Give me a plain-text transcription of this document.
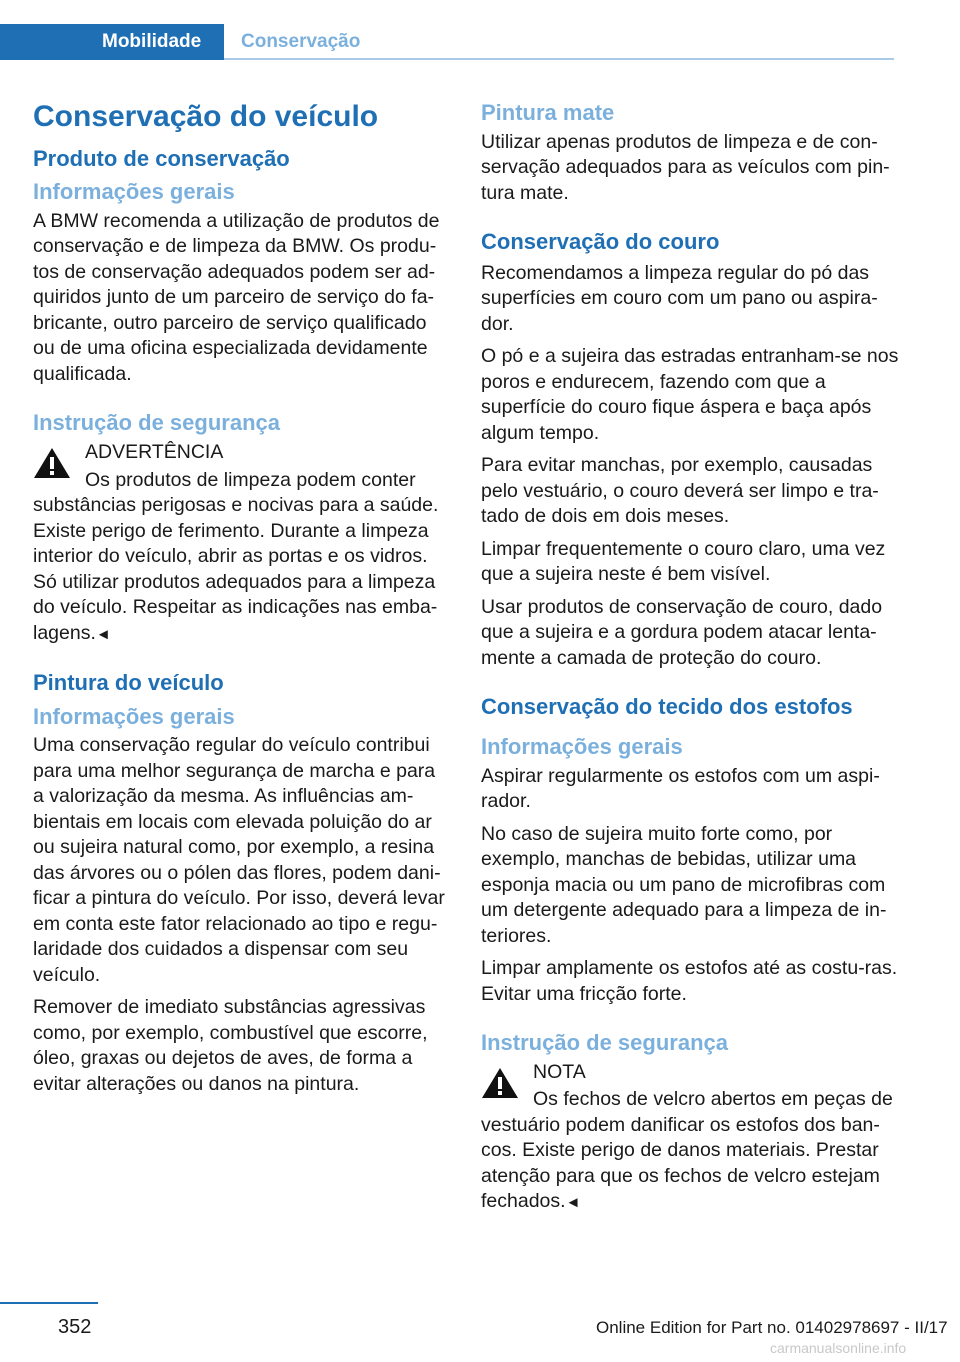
Mobilidade	Conservação
Conservação do veículo
Produto de conservação
Informações gerais

A BMW recomenda a utilização de produtos de conservação e de limpeza da BMW. Os produ‐tos de conservação adequados podem ser ad‐quiridos junto de um parceiro de serviço do fa‐bricante, outro parceiro de serviço qualificado ou de uma oficina especializada devidamente qualificada.

Instrução de segurança
ADVERTÊNCIA

Os produtos de limpeza podem conter substâncias perigosas e nocivas para a saúde. Existe perigo de ferimento. Durante a limpeza interior do veículo, abrir as portas e os vidros. Só utilizar produtos adequados para a limpeza do veículo. Respeitar as indicações nas emba‐lagens.◄

Pintura do veículo
Informações gerais

Uma conservação regular do veículo contribui para uma melhor segurança de marcha e para a valorização da mesma. As influências am‐bientais em locais com elevada poluição do ar ou sujeira natural como, por exemplo, a resina das árvores ou o pólen das flores, podem dani‐ficar a pintura do veículo. Por isso, deverá levar em conta este fator relacionado ao tipo e regu‐laridade dos cuidados a dispensar com seu veículo.

Remover de imediato substâncias agressivas como, por exemplo, combustível que escorre, óleo, graxas ou dejetos de aves, de forma a evitar alterações ou danos na pintura.

Pintura mate

Utilizar apenas produtos de limpeza e de con‐servação adequados para as veículos com pin‐tura mate.

Conservação do couro

Recomendamos a limpeza regular do pó das superfícies em couro com um pano ou aspira‐dor.

O pó e a sujeira das estradas entranham-se nos poros e endurecem, fazendo com que a superfície do couro fique áspera e baça após algum tempo.

Para evitar manchas, por exemplo, causadas pelo vestuário, o couro deverá ser limpo e tra‐tado de dois em dois meses.

Limpar frequentemente o couro claro, uma vez que a sujeira neste é bem visível.

Usar produtos de conservação de couro, dado que a sujeira e a gordura podem atacar lenta‐mente a camada de proteção do couro.

Conservação do tecido dos estofos
Informações gerais

Aspirar regularmente os estofos com um aspi‐rador.

No caso de sujeira muito forte como, por exemplo, manchas de bebidas, utilizar uma esponja macia ou um pano de microfibras com um detergente adequado para a limpeza de in‐teriores.

Limpar amplamente os estofos até as costu‐ras. Evitar uma fricção forte.

Instrução de segurança
NOTA

Os fechos de velcro abertos em peças de vestuário podem danificar os estofos dos ban‐cos. Existe perigo de danos materiais. Prestar atenção para que os fechos de velcro estejam fechados.◄

352	Online Edition for Part no. 01402978697 - II/17
carmanualsonline.info
